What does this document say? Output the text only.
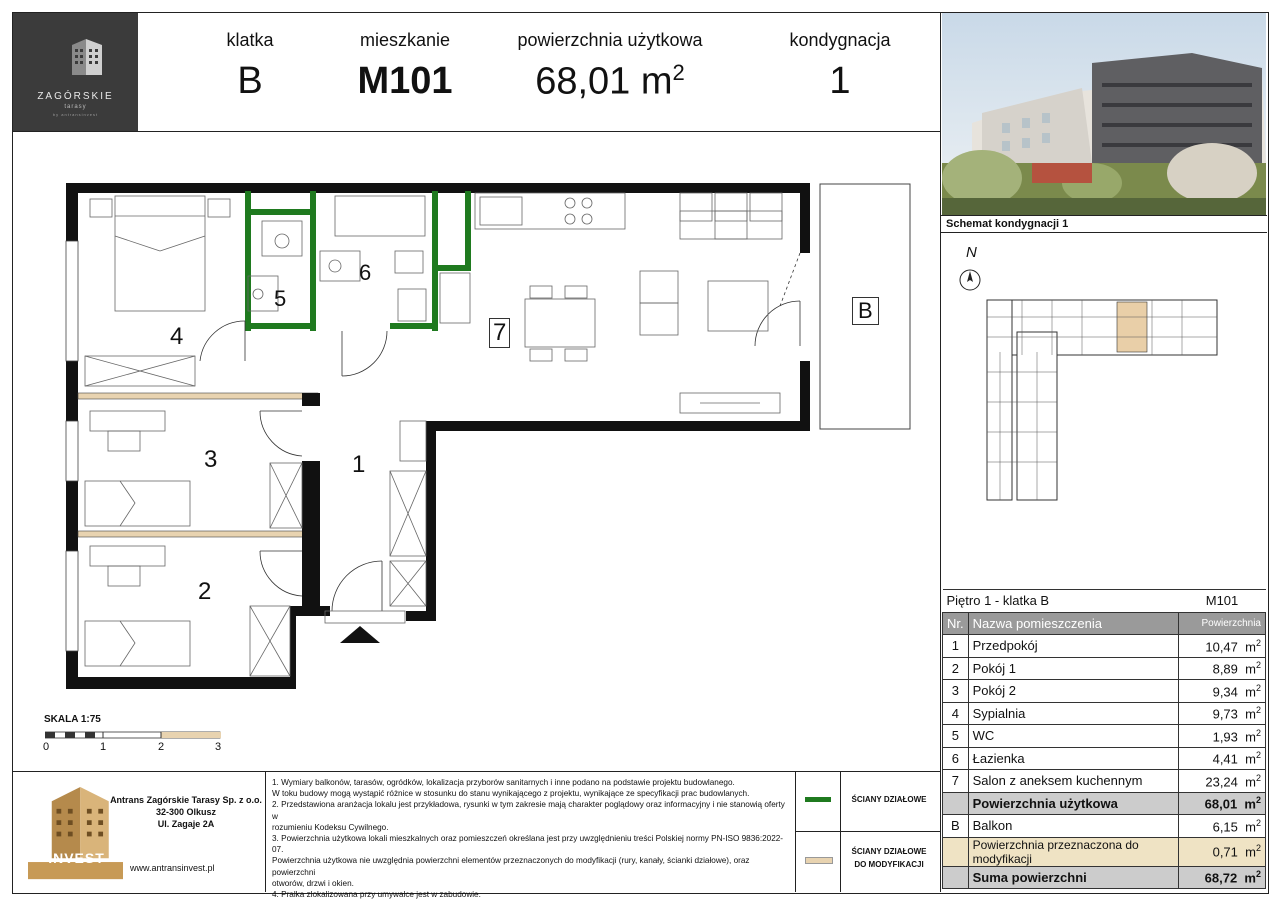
ZAGÓRSKIE
tarasy
by antransinvest
klatka
B
mieszkanie
M101
powierzchnia użytkowa
68,01 $m^2$
kondygnacja
1
Schemat kondygnacji 1
N
4
5
6
7
3	1
2
B
SKALA 1:75
0	1	2	3
Piętro 1 - klatka B		M101
Nr.	Nazwa pomieszczenia	Powierzchnia
1	Przedpokój	10,47 $m^2$
2	Pokój 1	8,89 $m^2$
3	Pokój 2	9,34 $m^2$
4	Sypialnia	9,73 $m^2$
5	WC	1,93 $m^2$
6	Łazienka	4,41 $m^2$
7	Salon z aneksem kuchennym	23,24 $m^2$
	Powierzchnia użytkowa	68,01 $m^2$
B	Balkon	6,15 $m^2$
	Powierzchnia przeznaczona do modyfikacji	0,71 $m^2$
	Suma powierzchni	68,72 $m^2$
INVEST
Antrans Zagórskie Tarasy Sp. z o.o.
32-300 Olkusz
Ul. Zagaje 2A
www.antransinvest.pl
1. Wymiary balkonów, tarasów, ogródków, lokalizacja przyborów sanitarnych i inne podano na podstawie projektu budowlanego.
W toku budowy mogą wystąpić różnice w stosunku do stanu wynikającego z projektu, wynikające ze specyfikacji prac budowlanych.
2. Przedstawiona aranżacja lokalu jest przykładowa, rysunki w tym zakresie mają charakter poglądowy oraz informacyjny i nie stanowią oferty w
rozumieniu Kodeksu Cywilnego.
3. Powierzchnia użytkowa lokali mieszkalnych oraz pomieszczeń określana jest przy uwzględnieniu treści Polskiej normy PN-ISO 9836:2022-07.
Powierzchnia użytkowa nie uwzględnia powierzchni elementów przeznaczonych do modyfikacji (rury, kanały, ścianki działowe), oraz powierzchni
otworów, drzwi i okien.
4. Pralka zlokalizowana przy umywalce jest w zabudowie.
ŚCIANY DZIAŁOWE
ŚCIANY DZIAŁOWE
DO MODYFIKACJI
